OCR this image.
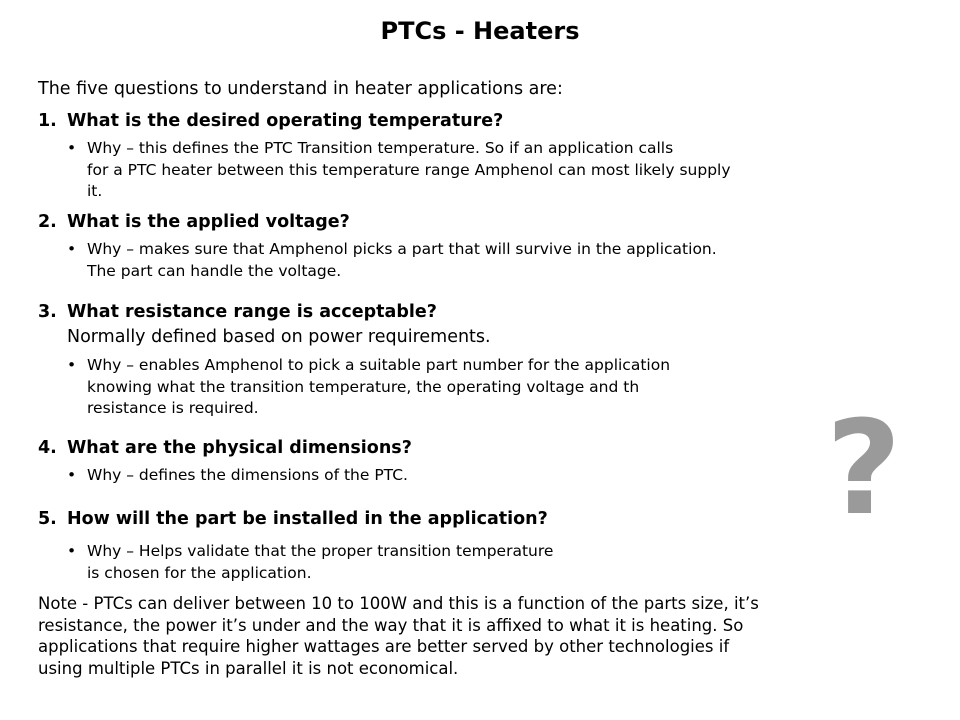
PTCs - Heaters
The five questions to understand in heater applications are:
1. What is the desired operating temperature?
• Why – this defines the PTC Transition temperature. So if an application calls
for a PTC heater between this temperature range Amphenol can most likely supply
it.
2. What is the applied voltage?
• Why – makes sure that Amphenol picks a part that will survive in the application.
The part can handle the voltage.
3. What resistance range is acceptable?
Normally defined based on power requirements.
• Why – enables Amphenol to pick a suitable part number for the application
knowing what the transition temperature, the operating voltage and th
resistance is required.
4. What are the physical dimensions?
• Why – defines the dimensions of the PTC.
5. How will the part be installed in the application?
• Why – Helps validate that the proper transition temperature
is chosen for the application.
?
Note - PTCs can deliver between 10 to 100W and this is a function of the parts size, it’s
resistance, the power it’s under and the way that it is affixed to what it is heating. So
applications that require higher wattages are better served by other technologies if
using multiple PTCs in parallel it is not economical.
